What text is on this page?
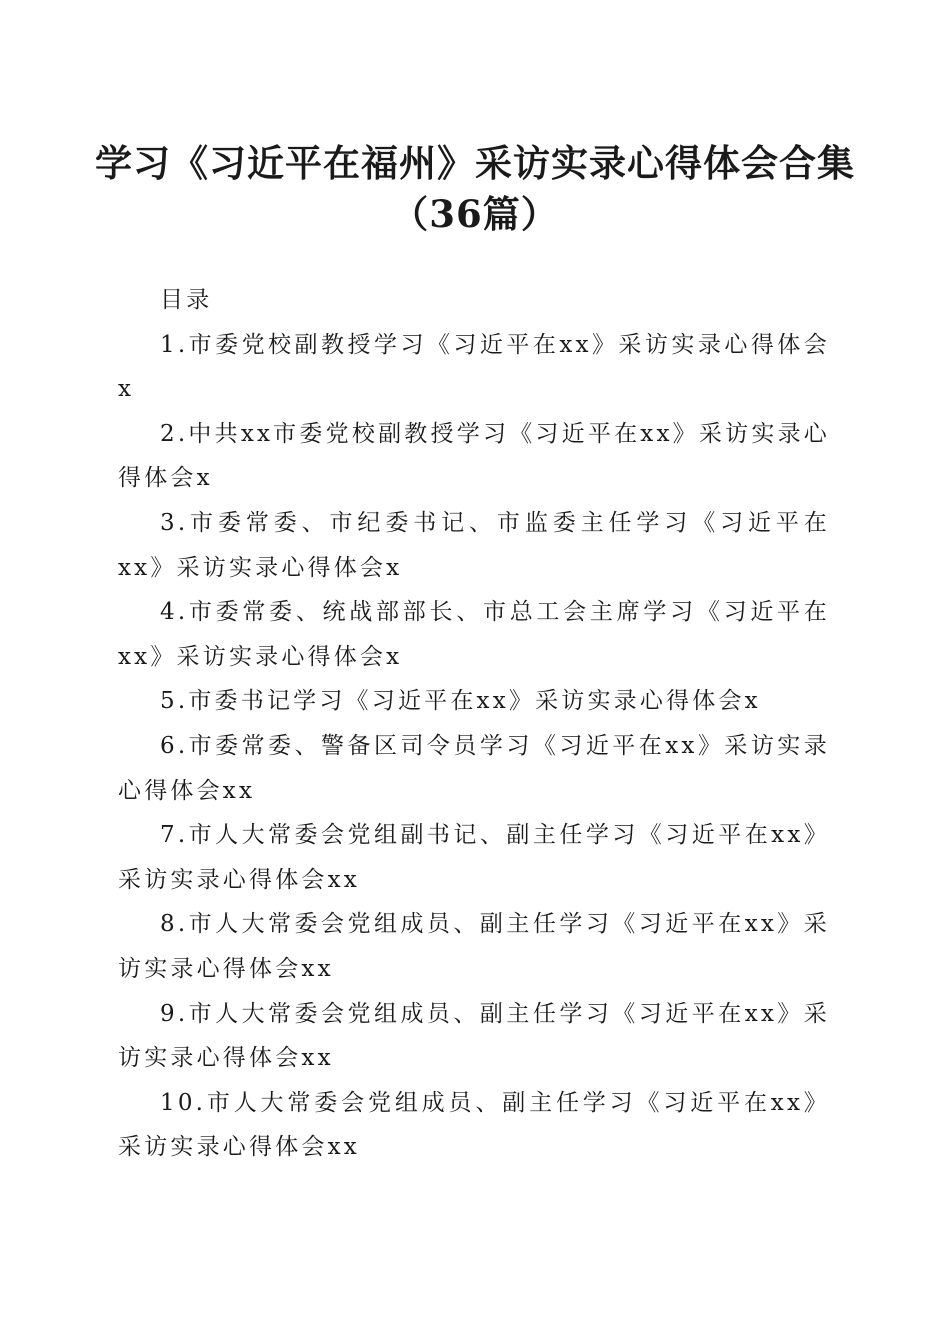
学习《习近平在福州》采访实录心得体会合集
（36篇）

目录

1.市委党校副教授学习《习近平在xx》采访实录心得体会x

2.中共xx市委党校副教授学习《习近平在xx》采访实录心得体会x

3.市委常委、市纪委书记、市监委主任学习《习近平在xx》采访实录心得体会x

4.市委常委、统战部部长、市总工会主席学习《习近平在xx》采访实录心得体会x

5.市委书记学习《习近平在xx》采访实录心得体会x

6.市委常委、警备区司令员学习《习近平在xx》采访实录心得体会xx

7.市人大常委会党组副书记、副主任学习《习近平在xx》采访实录心得体会xx

8.市人大常委会党组成员、副主任学习《习近平在xx》采访实录心得体会xx

9.市人大常委会党组成员、副主任学习《习近平在xx》采访实录心得体会xx

10.市人大常委会党组成员、副主任学习《习近平在xx》采访实录心得体会xx
